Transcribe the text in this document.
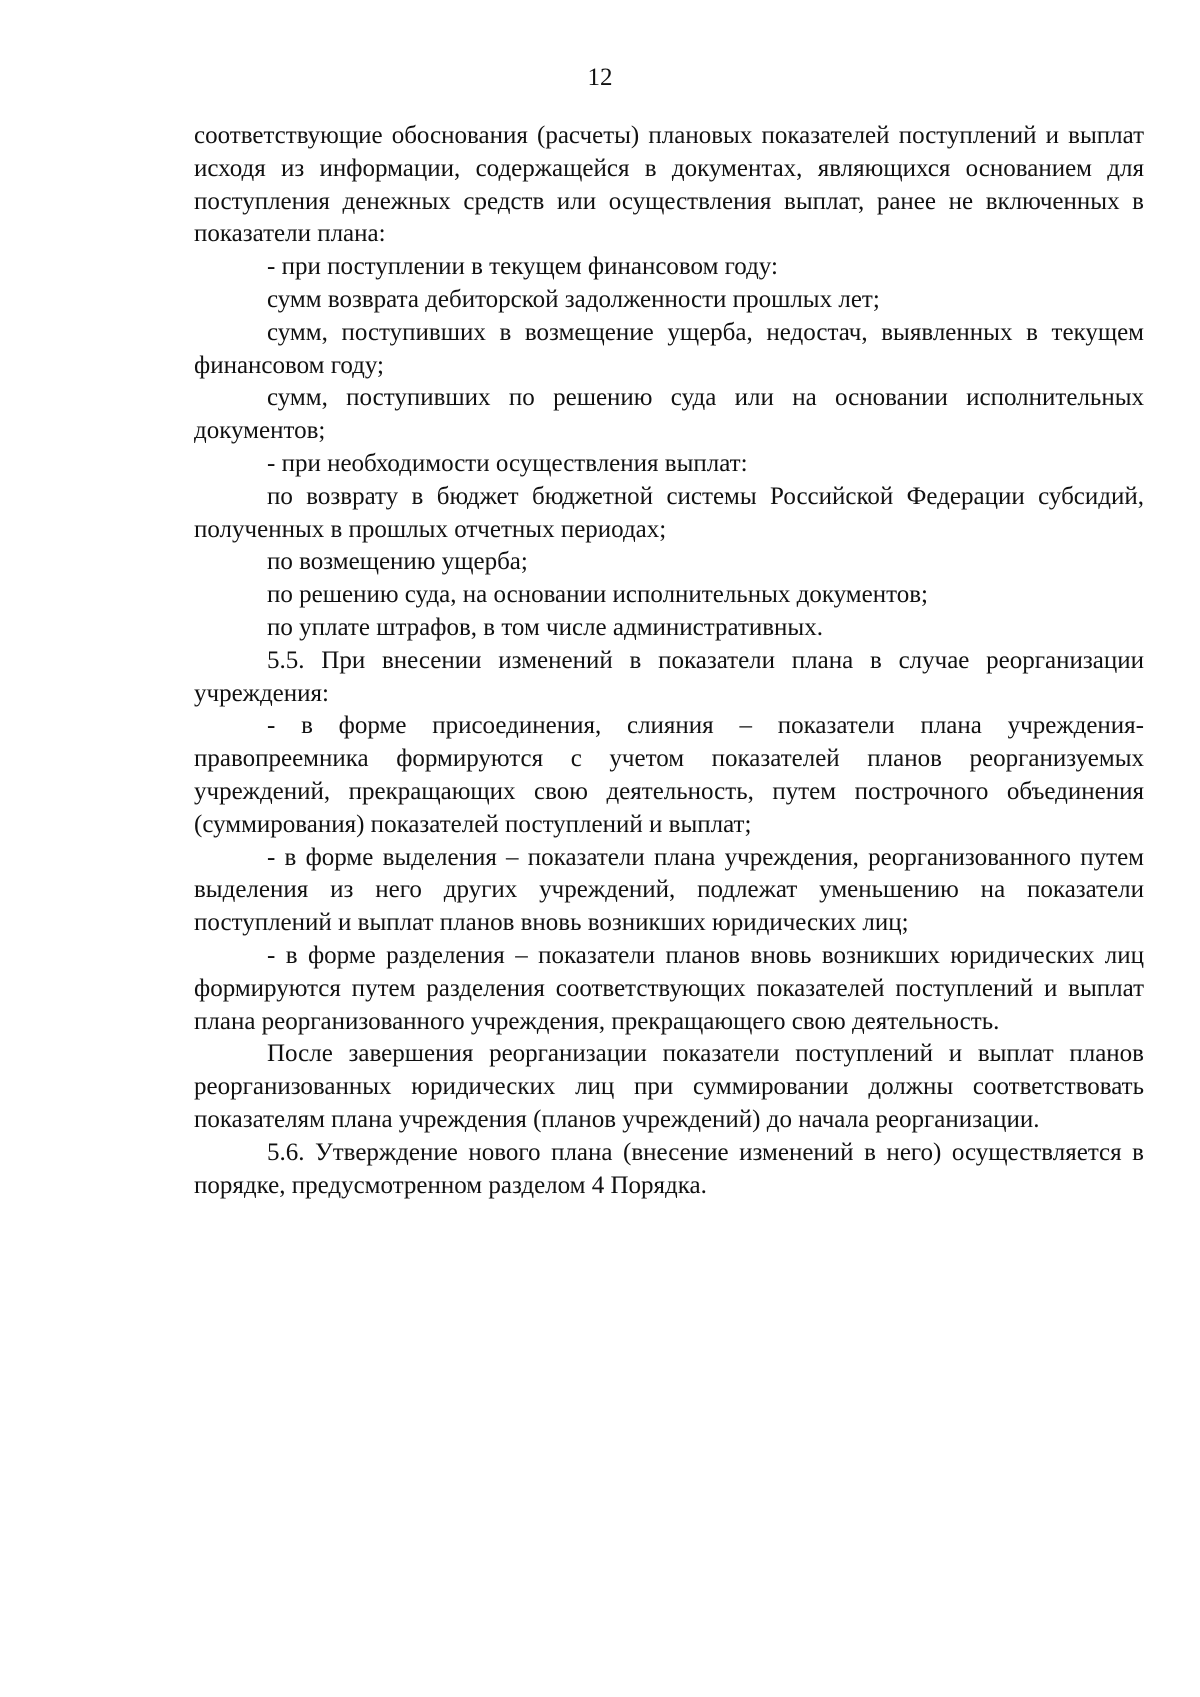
12

соответствующие обоснования (расчеты) плановых показателей поступлений и выплат исходя из информации, содержащейся в документах, являющихся основанием для поступления денежных средств или осуществления выплат, ранее не включенных в показатели плана:

- при поступлении в текущем финансовом году:

сумм возврата дебиторской задолженности прошлых лет;

сумм, поступивших в возмещение ущерба, недостач, выявленных в текущем финансовом году;

сумм, поступивших по решению суда или на основании исполнительных документов;

- при необходимости осуществления выплат:

по возврату в бюджет бюджетной системы Российской Федерации субсидий, полученных в прошлых отчетных периодах;

по возмещению ущерба;

по решению суда, на основании исполнительных документов;

по уплате штрафов, в том числе административных.

5.5. При внесении изменений в показатели плана в случае реорганизации учреждения:

- в форме присоединения, слияния – показатели плана учреждения-правопреемника формируются с учетом показателей планов реорганизуемых учреждений, прекращающих свою деятельность, путем построчного объединения (суммирования) показателей поступлений и выплат;

- в форме выделения – показатели плана учреждения, реорганизованного путем выделения из него других учреждений, подлежат уменьшению на показатели поступлений и выплат планов вновь возникших юридических лиц;

- в форме разделения – показатели планов вновь возникших юридических лиц формируются путем разделения соответствующих показателей поступлений и выплат плана реорганизованного учреждения, прекращающего свою деятельность.

После завершения реорганизации показатели поступлений и выплат планов реорганизованных юридических лиц при суммировании должны соответствовать показателям плана учреждения (планов учреждений) до начала реорганизации.

5.6. Утверждение нового плана (внесение изменений в него) осуществляется в порядке, предусмотренном разделом 4 Порядка.
